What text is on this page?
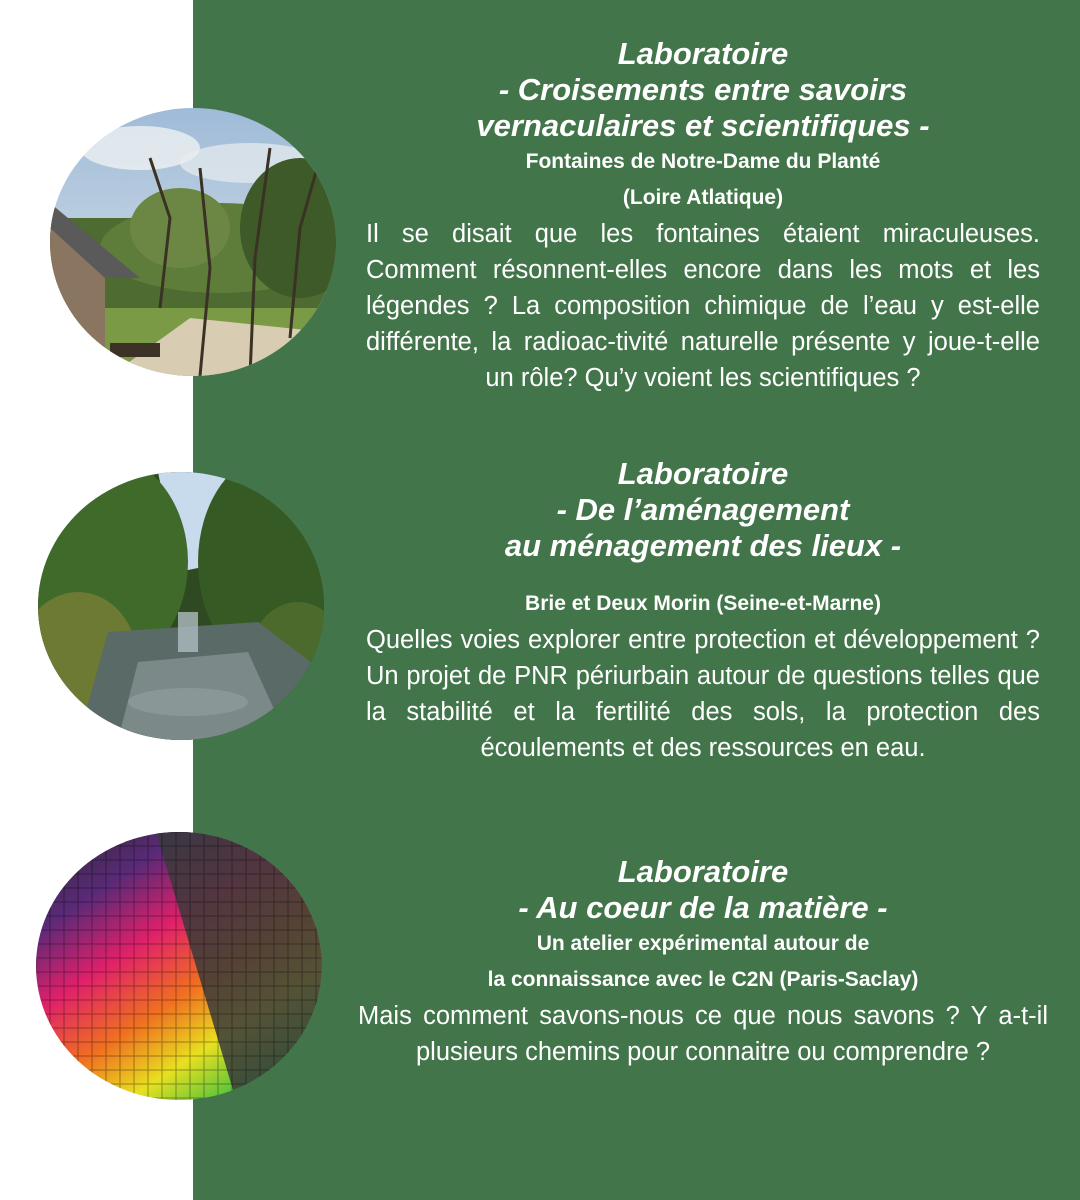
Laboratoire
- Croisements entre savoirs
vernaculaires et scientifiques -

Fontaines de Notre-Dame du Planté
(Loire Atlatique)

Il se disait que les fontaines étaient miraculeuses. Comment résonnent-elles encore dans les mots et les légendes ? La composition chimique de l’eau y est-elle différente, la radioac-tivité naturelle présente y joue-t-elle un rôle? Qu’y voient les scientifiques ?

Laboratoire
- De l’aménagement
au ménagement des lieux -

Brie et Deux Morin (Seine-et-Marne)

Quelles voies explorer entre protection et développement ? Un projet de PNR périurbain autour de questions telles que la stabilité et la fertilité des sols, la protection des écoulements et des ressources en eau.

Laboratoire
- Au coeur de la matière -

Un atelier expérimental autour de
la connaissance avec le C2N (Paris-Saclay)

Mais comment savons-nous ce que nous savons ? Y a-t-il plusieurs chemins pour connaitre ou comprendre ?
